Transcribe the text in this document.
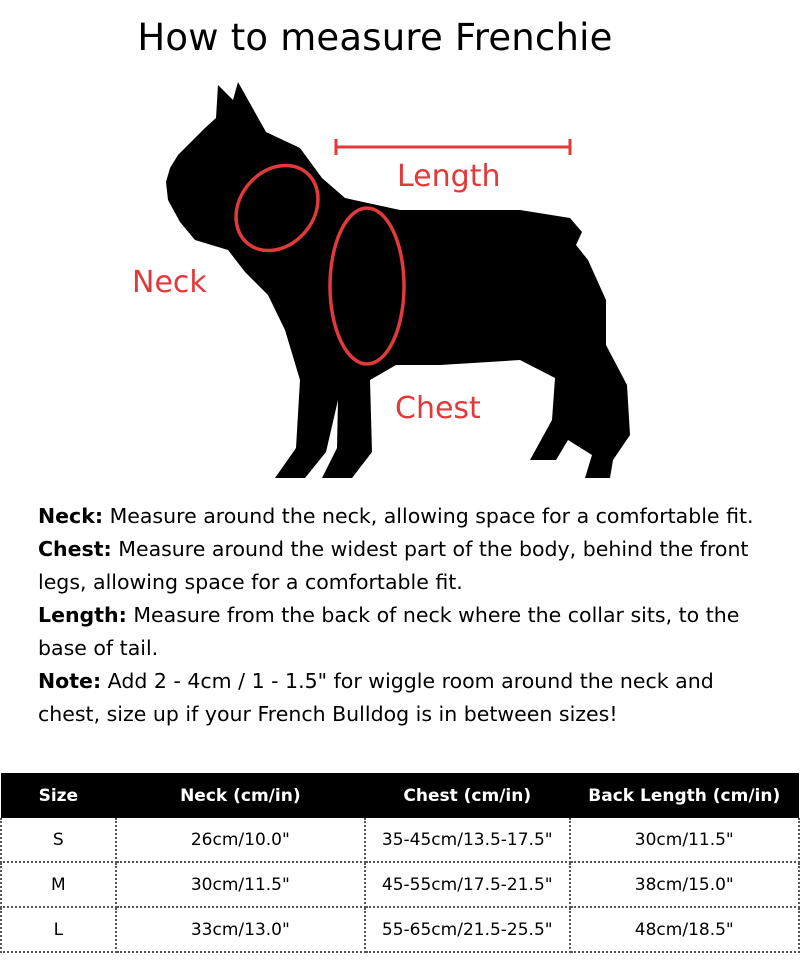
How to measure Frenchie
Length
Neck
Chest

Neck: Measure around the neck, allowing space for a comfortable fit.

Chest: Measure around the widest part of the body, behind the front legs, allowing space for a comfortable fit.

Length: Measure from the back of neck where the collar sits, to the base of tail.

Note: Add 2 - 4cm / 1 - 1.5" for wiggle room around the neck and chest, size up if your French Bulldog is in between sizes!

Size	Neck (cm/in)	Chest (cm/in)	Back Length (cm/in)
S	26cm/10.0"	35-45cm/13.5-17.5"	30cm/11.5"
M	30cm/11.5"	45-55cm/17.5-21.5"	38cm/15.0"
L	33cm/13.0"	55-65cm/21.5-25.5"	48cm/18.5"
